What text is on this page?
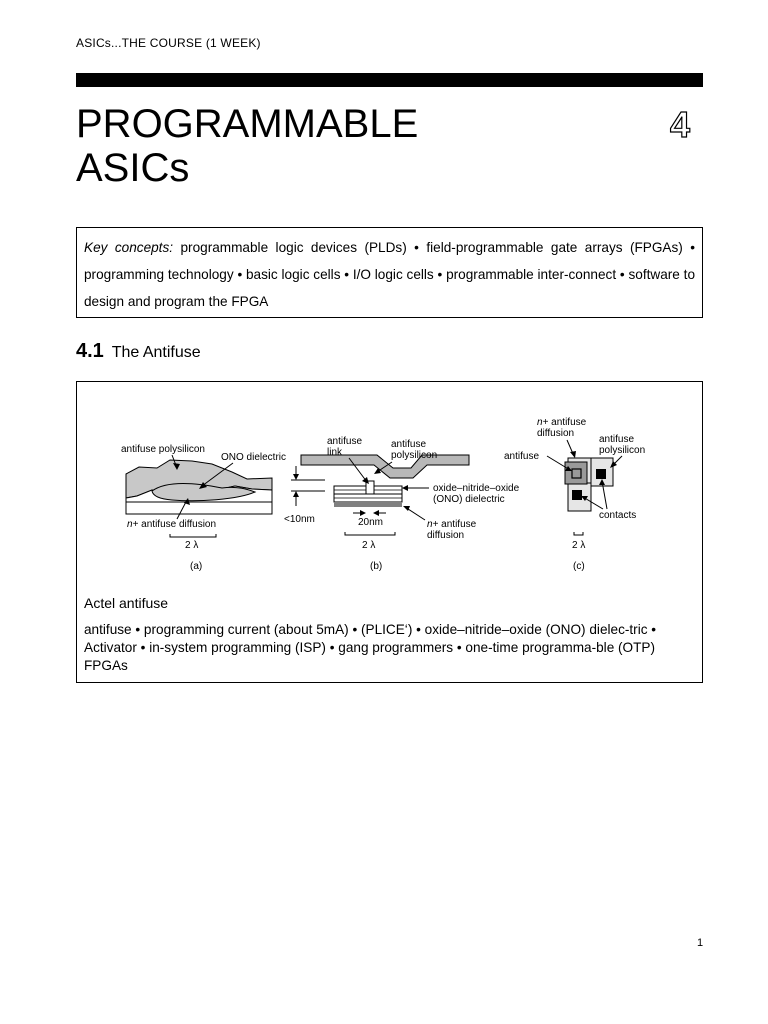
ASICs...THE COURSE (1 WEEK)
PROGRAMMABLE
ASICs
4
Key concepts: programmable logic devices (PLDs) • field-programmable gate arrays (FPGAs) • programming technology • basic logic cells • I/O logic cells • programmable inter-connect • software to design and program the FPGA
4.1 The Antifuse
antifuse polysilicon
ONO dielectric
n+ antifuse diffusion
2 λ
(a)
antifuse
link
antifuse
polysilicon
oxide–nitride–oxide
(ONO) dielectric
<10nm	20nm	n+ antifuse
diffusion
2 λ
(b)
n+ antifuse
diffusion
antifuse
polysilicon
antifuse
contacts
2 λ
(c)
Actel antifuse
antifuse • programming current (about 5mA) • (PLICE‘) • oxide–nitride–oxide (ONO) dielec-tric • Activator • in-system programming (ISP) • gang programmers • one-time programma-ble (OTP) FPGAs
1
